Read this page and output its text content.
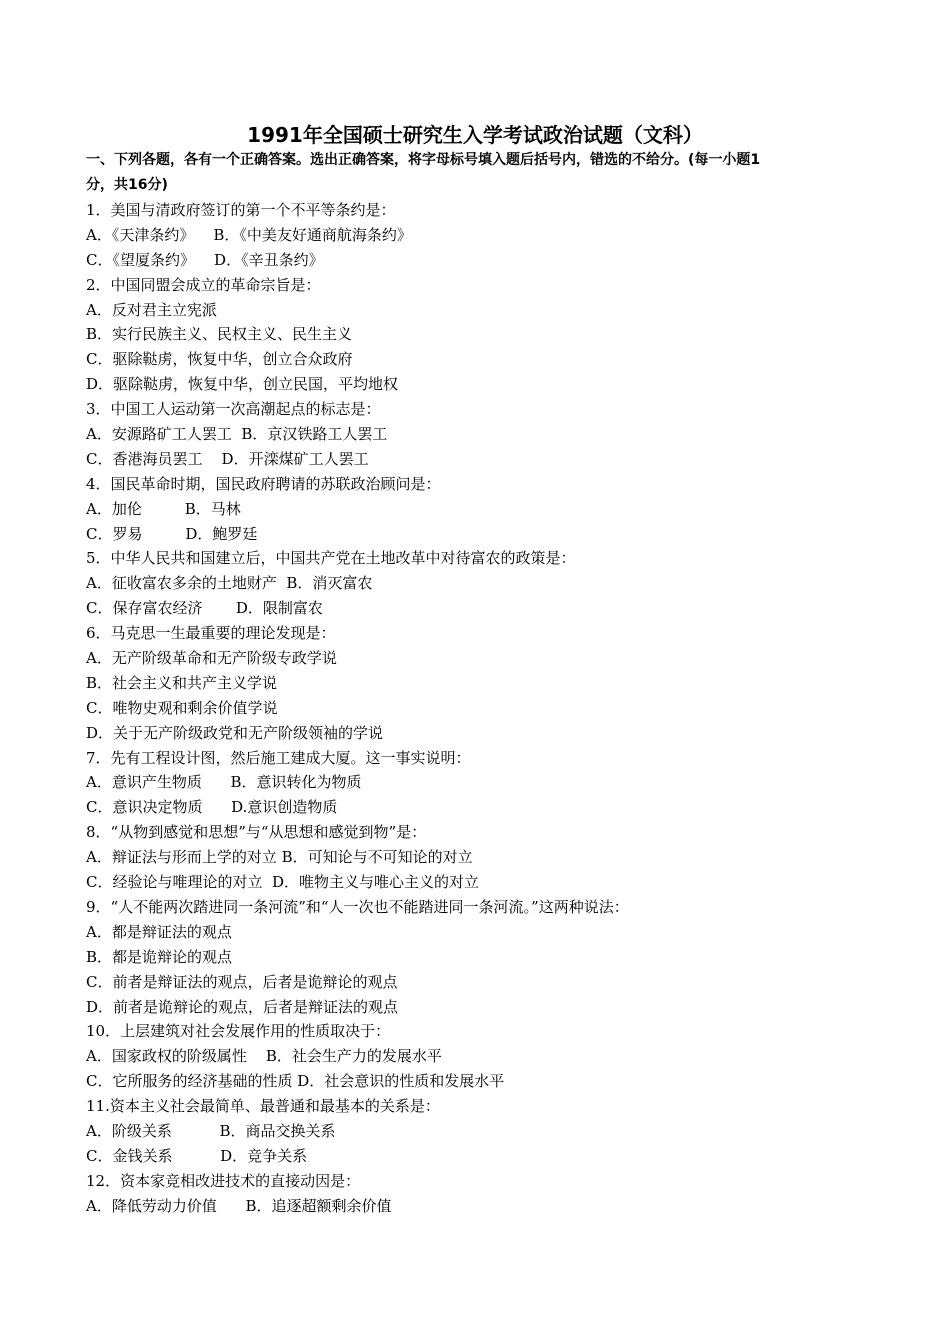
1991年全国硕士研究生入学考试政治试题（文科）
一、下列各题，各有一个正确答案。选出正确答案，将字母标号填入题后括号内，错选的不给分。(每一小题1
分，共16分)
1．美国与清政府签订的第一个不平等条约是：
A．《天津条约》    B．《中美友好通商航海条约》
C．《望厦条约》    D．《辛丑条约》
2．中国同盟会成立的革命宗旨是：
A．反对君主立宪派
B．实行民族主义、民权主义、民生主义
C．驱除鞑虏，恢复中华，创立合众政府
D．驱除鞑虏，恢复中华，创立民国，平均地权
3．中国工人运动第一次高潮起点的标志是：
A．安源路矿工人罢工  B．京汉铁路工人罢工
C．香港海员罢工    D．开滦煤矿工人罢工
4．国民革命时期，国民政府聘请的苏联政治顾问是：
A．加伦         B．马林
C．罗易         D．鲍罗廷
5．中华人民共和国建立后，中国共产党在土地改革中对待富农的政策是：
A．征收富农多余的土地财产  B．消灭富农
C．保存富农经济       D．限制富农
6．马克思一生最重要的理论发现是：
A．无产阶级革命和无产阶级专政学说
B．社会主义和共产主义学说
C．唯物史观和剩余价值学说
D．关于无产阶级政党和无产阶级领袖的学说
7．先有工程设计图，然后施工建成大厦。这一事实说明：
A．意识产生物质      B．意识转化为物质
C．意识决定物质      D.意识创造物质
8．“从物到感觉和思想”与“从思想和感觉到物”是：
A．辩证法与形而上学的对立 B．可知论与不可知论的对立
C．经验论与唯理论的对立  D．唯物主义与唯心主义的对立
9．“人不能两次踏进同一条河流”和“人一次也不能踏进同一条河流。”这两种说法：
A．都是辩证法的观点
B．都是诡辩论的观点
C．前者是辩证法的观点，后者是诡辩论的观点
D．前者是诡辩论的观点，后者是辩证法的观点
10．上层建筑对社会发展作用的性质取决于：
A．国家政权的阶级属性    B．社会生产力的发展水平
C．它所服务的经济基础的性质 D．社会意识的性质和发展水平
11.资本主义社会最简单、最普通和最基本的关系是：
A．阶级关系          B．商品交换关系
C．金钱关系          D．竞争关系
12．资本家竞相改进技术的直接动因是：
A．降低劳动力价值      B．追逐超额剩余价值
